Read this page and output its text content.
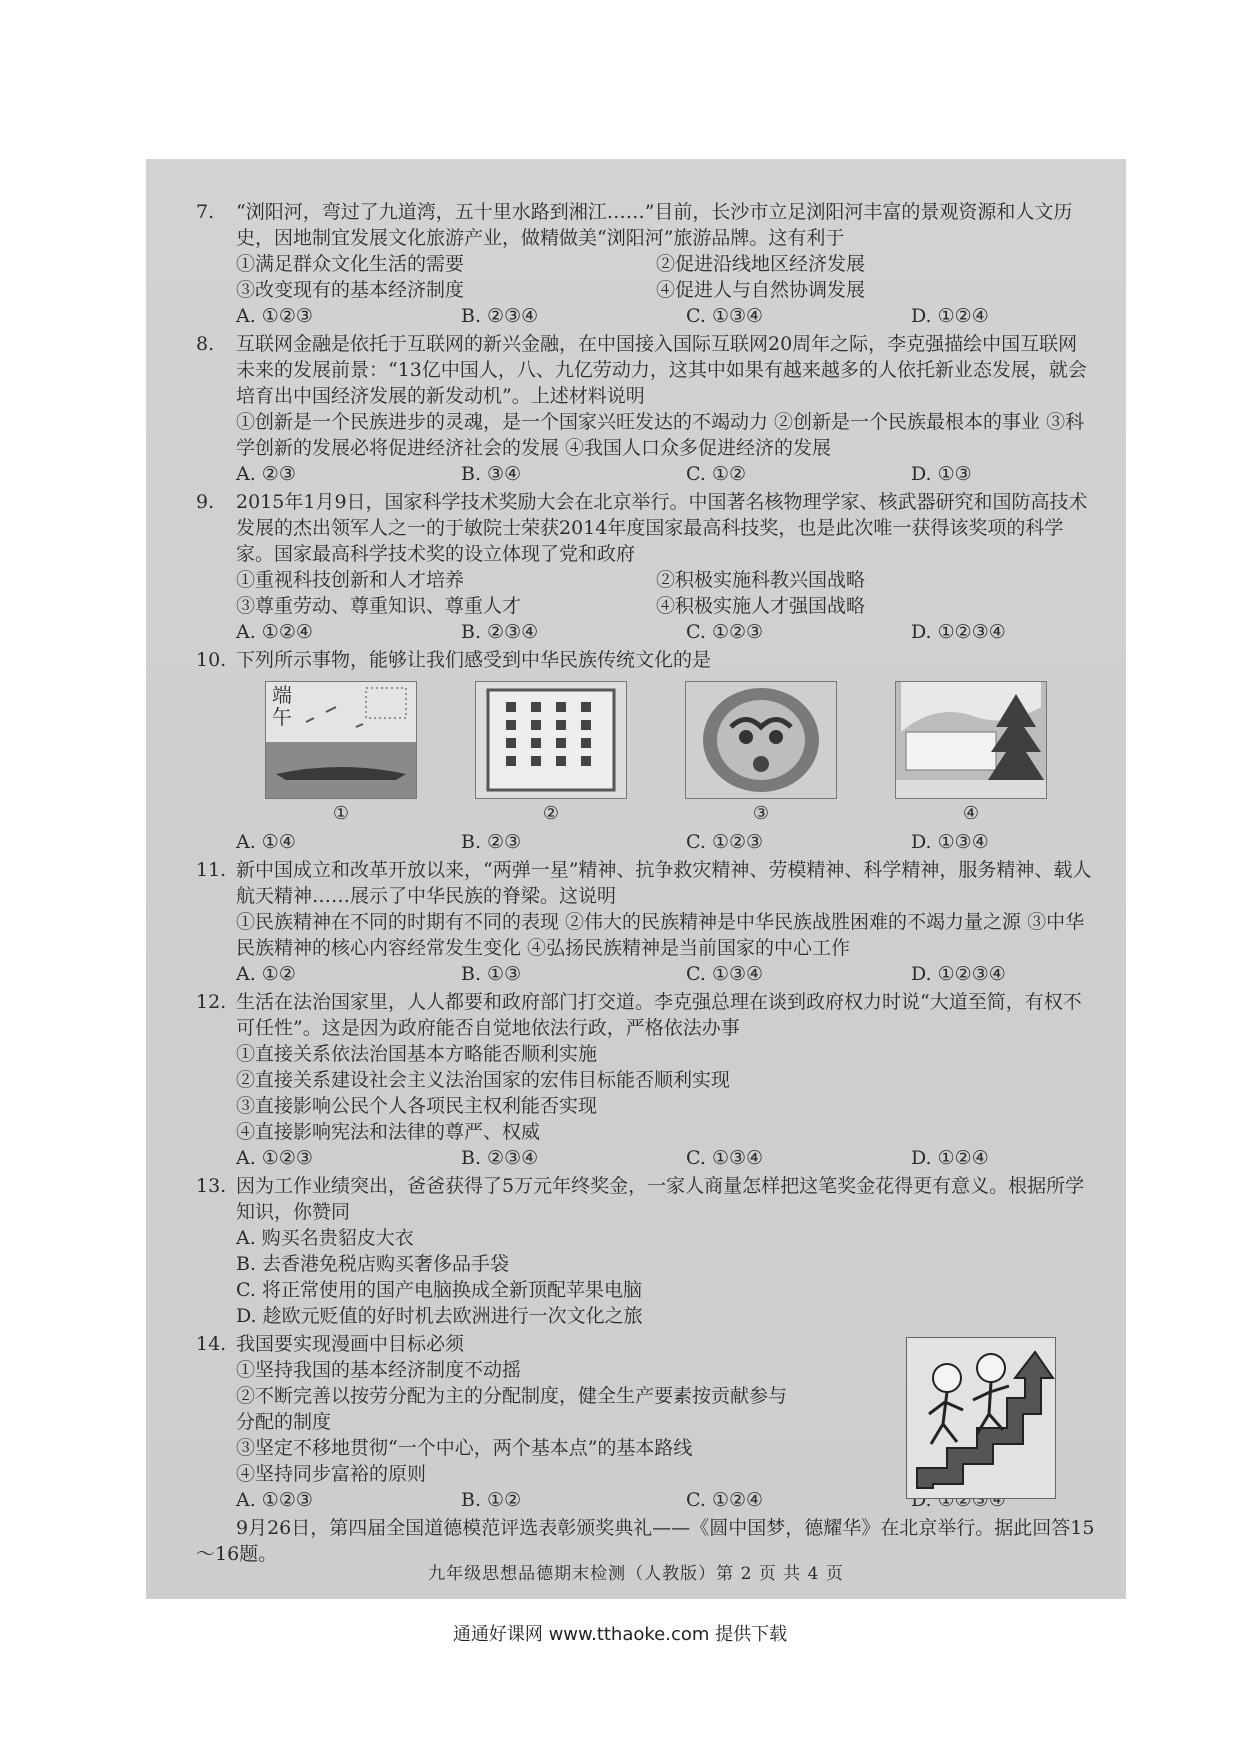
7. “浏阳河，弯过了九道湾，五十里水路到湘江……”目前，长沙市立足浏阳河丰富的景观资源和人文历史，因地制宜发展文化旅游产业，做精做美“浏阳河”旅游品牌。这有利于
①满足群众文化生活的需要	②促进沿线地区经济发展
③改变现有的基本经济制度	④促进人与自然协调发展
A. ①②③	B. ②③④	C. ①③④	D. ①②④
8. 互联网金融是依托于互联网的新兴金融，在中国接入国际互联网20周年之际，李克强描绘中国互联网未来的发展前景：“13亿中国人，八、九亿劳动力，这其中如果有越来越多的人依托新业态发展，就会培育出中国经济发展的新发动机”。上述材料说明
①创新是一个民族进步的灵魂，是一个国家兴旺发达的不竭动力 ②创新是一个民族最根本的事业 ③科学创新的发展必将促进经济社会的发展 ④我国人口众多促进经济的发展
A. ②③	B. ③④	C. ①②	D. ①③
9. 2015年1月9日，国家科学技术奖励大会在北京举行。中国著名核物理学家、核武器研究和国防高技术发展的杰出领军人之一的于敏院士荣获2014年度国家最高科技奖，也是此次唯一获得该奖项的科学家。国家最高科学技术奖的设立体现了党和政府
①重视科技创新和人才培养	②积极实施科教兴国战略
③尊重劳动、尊重知识、尊重人才	④积极实施人才强国战略
A. ①②④	B. ②③④	C. ①②③	D. ①②③④
10. 下列所示事物，能够让我们感受到中华民族传统文化的是
端午
①	②	③	④
A. ①④	B. ②③	C. ①②③	D. ①③④
11. 新中国成立和改革开放以来，“两弹一星”精神、抗争救灾精神、劳模精神、科学精神，服务精神、载人航天精神……展示了中华民族的脊梁。这说明
①民族精神在不同的时期有不同的表现 ②伟大的民族精神是中华民族战胜困难的不竭力量之源 ③中华民族精神的核心内容经常发生变化 ④弘扬民族精神是当前国家的中心工作
A. ①②	B. ①③	C. ①③④	D. ①②③④
12. 生活在法治国家里，人人都要和政府部门打交道。李克强总理在谈到政府权力时说“大道至简，有权不可任性”。这是因为政府能否自觉地依法行政，严格依法办事
①直接关系依法治国基本方略能否顺利实施
②直接关系建设社会主义法治国家的宏伟目标能否顺利实现
③直接影响公民个人各项民主权利能否实现
④直接影响宪法和法律的尊严、权威
A. ①②③	B. ②③④	C. ①③④	D. ①②④
13. 因为工作业绩突出，爸爸获得了5万元年终奖金，一家人商量怎样把这笔奖金花得更有意义。根据所学知识，你赞同
A. 购买名贵貂皮大衣
B. 去香港免税店购买奢侈品手袋
C. 将正常使用的国产电脑换成全新顶配苹果电脑
D. 趁欧元贬值的好时机去欧洲进行一次文化之旅
14. 我国要实现漫画中目标必须
①坚持我国的基本经济制度不动摇
②不断完善以按劳分配为主的分配制度，健全生产要素按贡献参与分配的制度
③坚定不移地贯彻“一个中心，两个基本点”的基本路线
④坚持同步富裕的原则
A. ①②③	B. ①②	C. ①②④
9月26日，第四届全国道德模范评选表彰颁奖典礼——《圆中国梦，德耀华》在北京举行。据此回答15～16题。
九年级思想品德期末检测（人教版）第 2 页 共 4 页
通通好课网 www.tthaoke.com 提供下载
